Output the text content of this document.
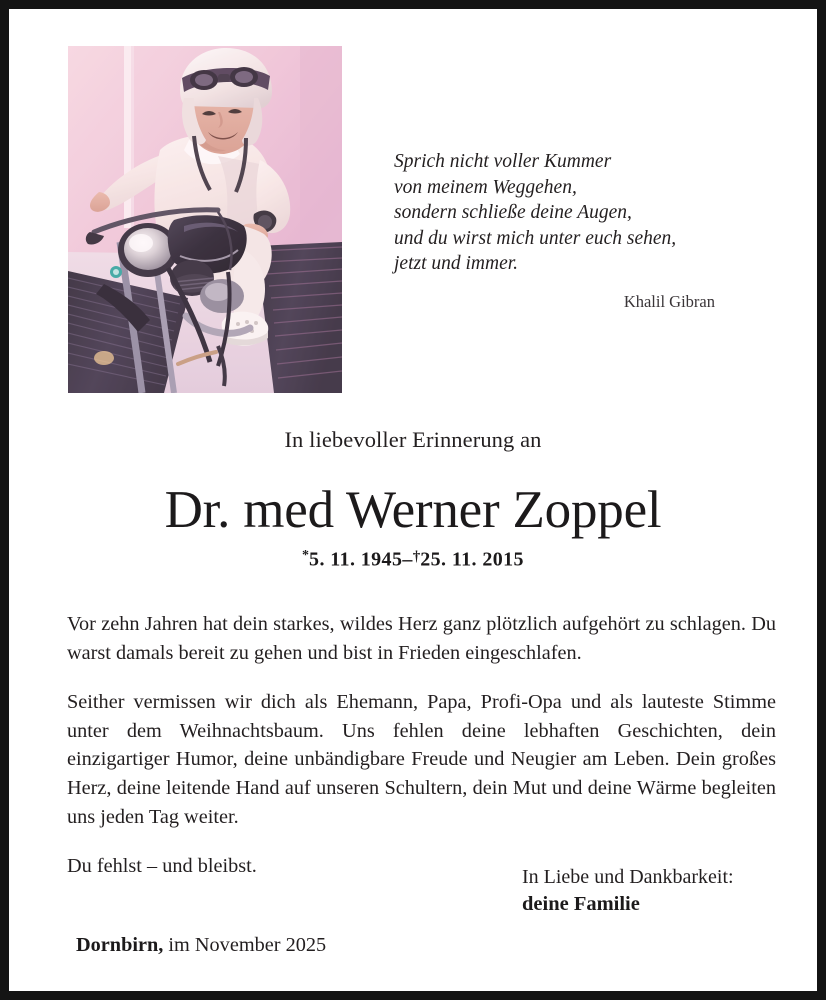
Sprich nicht voller Kummer
von meinem Weggehen,
sondern schließe deine Augen,
und du wirst mich unter euch sehen,
jetzt und immer.
Khalil Gibran
In liebevoller Erinnerung an
Dr. med Werner Zoppel
*5. 11. 1945–†25. 11. 2015

Vor zehn Jahren hat dein starkes, wildes Herz ganz plötzlich aufgehört zu schlagen. Du warst damals bereit zu gehen und bist in Frieden eingeschlafen.

Seither vermissen wir dich als Ehemann, Papa, Profi-Opa und als lauteste Stimme unter dem Weihnachtsbaum. Uns fehlen deine lebhaften Geschichten, dein einzigartiger Humor, deine unbändigbare Freude und Neugier am Leben. Dein großes Herz, deine leitende Hand auf unseren Schultern, dein Mut und deine Wärme begleiten uns jeden Tag weiter.

Du fehlst – und bleibst.	In Liebe und Dankbarkeit:
deine Familie
Dornbirn, im November 2025
